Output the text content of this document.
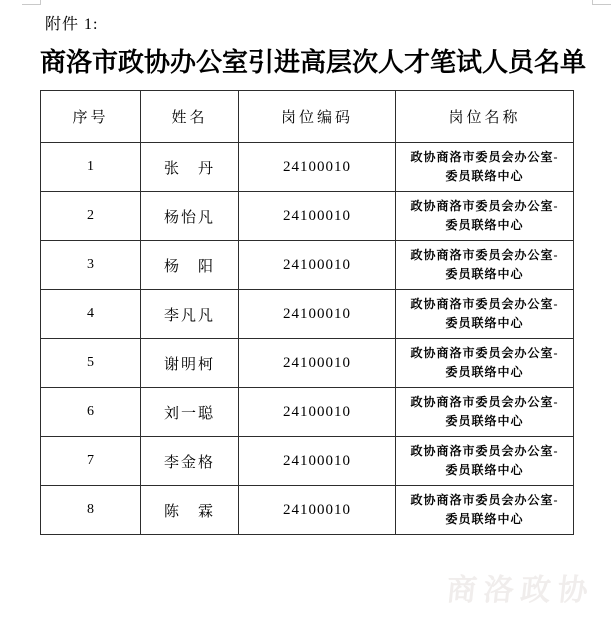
附件 1:
商洛市政协办公室引进高层次人才笔试人员名单
序号	姓名	岗位编码	岗位名称
1	张　丹	24100010	政协商洛市委员会办公室-
委员联络中心

2	杨怡凡	24100010	政协商洛市委员会办公室-
委员联络中心

3	杨　阳	24100010	政协商洛市委员会办公室-
委员联络中心

4	李凡凡	24100010	政协商洛市委员会办公室-
委员联络中心

5	谢明柯	24100010	政协商洛市委员会办公室-
委员联络中心

6	刘一聪	24100010	政协商洛市委员会办公室-
委员联络中心

7	李金格	24100010	政协商洛市委员会办公室-
委员联络中心

8	陈　霖	24100010	政协商洛市委员会办公室-
委员联络中心
商洛政协
